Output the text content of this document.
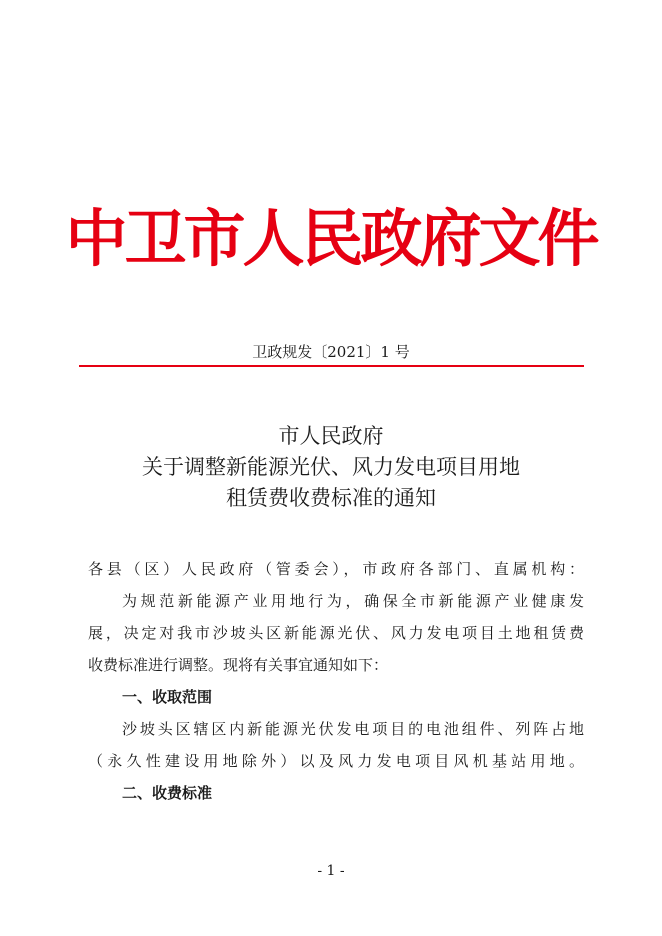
中卫市人民政府文件
卫政规发〔2021〕1 号
市人民政府
关于调整新能源光伏、风力发电项目用地
租赁费收费标准的通知
各县（区）人民政府（管委会），市政府各部门、直属机构：
为规范新能源产业用地行为，确保全市新能源产业健康发
展，决定对我市沙坡头区新能源光伏、风力发电项目土地租赁费
收费标准进行调整。现将有关事宜通知如下：
一、收取范围
沙坡头区辖区内新能源光伏发电项目的电池组件、列阵占地
（永久性建设用地除外）以及风力发电项目风机基站用地。
二、收费标准
- 1 -
